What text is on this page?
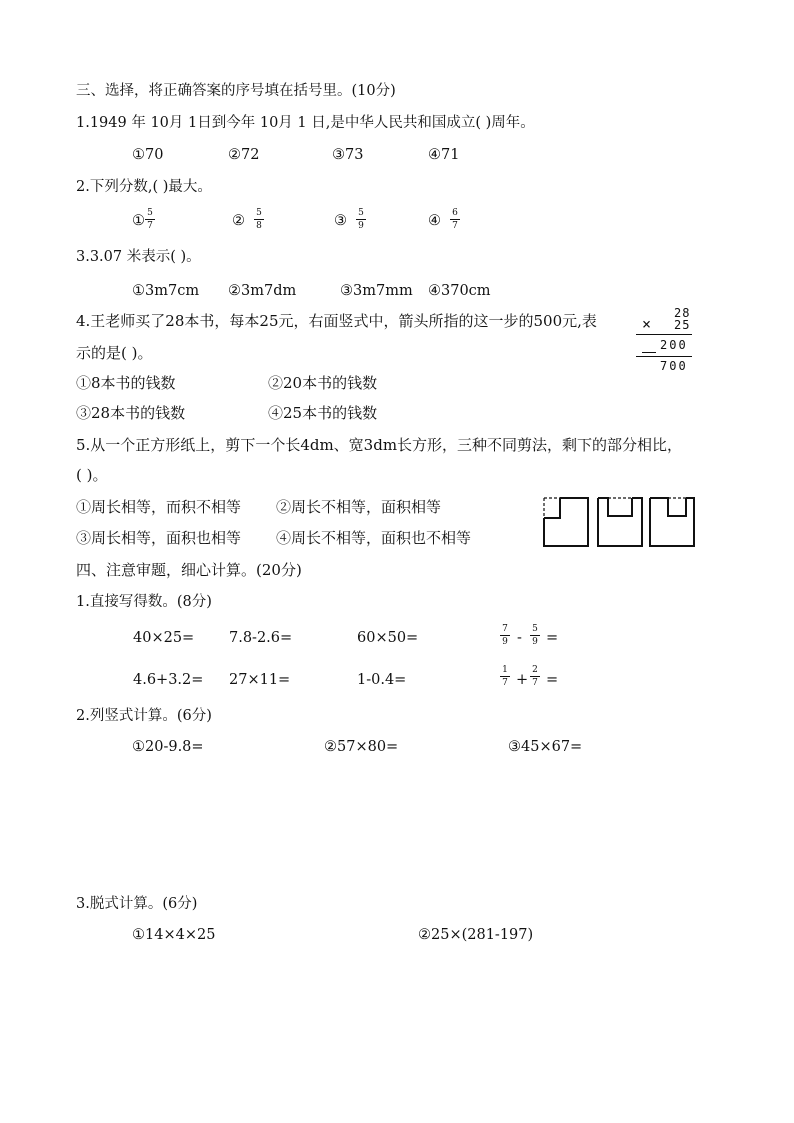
三、选择，将正确答案的序号填在括号里。(10分)
1.1949 年 10月 1日到今年 10月 1 日,是中华人民共和国成立( )周年。
①70	②72	③73	④71
2.下列分数,( )最大。
① $\frac{5}{7}$	② $\frac{5}{8}$	③ $\frac{5}{9}$	④ $\frac{6}{7}$
3.3.07 米表示( )。
①3m7cm ②3m7dm	③3m7mm ④370cm
4.王老师买了28本书，每本25元，右面竖式中，箭头所指的这一步的500元,表
示的是( )。
①8本书的钱数	②20本书的钱数
③28本书的钱数	④25本书的钱数
×
28
25
200
700
5.从一个正方形纸上，剪下一个长4dm、宽3dm长方形，三种不同剪法，剩下的部分相比，
( )。
①周长相等，而积不相等 ②周长不相等，面积相等
③周长相等，面积也相等 ④周长不相等，面积也不相等
四、注意审题，细心计算。(20分)
1.直接写得数。(8分)
40×25= 7.8-2.6=	60×50=	$\frac{7}{9} - \frac{5}{9}$ =
4.6+3.2= 27×11=	1-0.4=	$\frac{1}{7} + \frac{2}{7}$ =
2.列竖式计算。(6分)
①20-9.8=	②57×80=	③45×67=
3.脱式计算。(6分)
①14×4×25	②25×(281-197)
